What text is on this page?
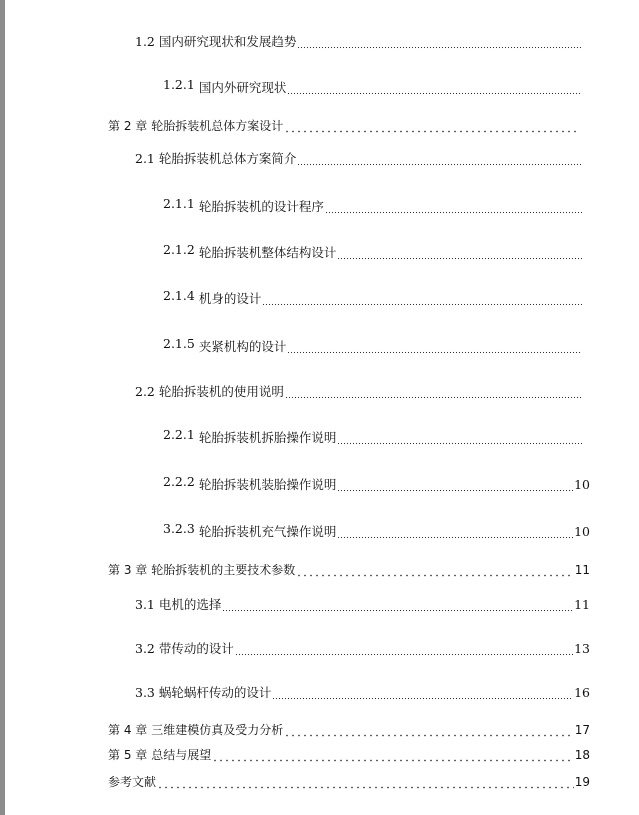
1.2 国内研究现状和发展趋势
1.2.1 国内外研究现状
第 2 章 轮胎拆装机总体方案设计
2.1 轮胎拆装机总体方案简介
2.1.1 轮胎拆装机的设计程序
2.1.2 轮胎拆装机整体结构设计
2.1.4 机身的设计
2.1.5 夹紧机构的设计
2.2 轮胎拆装机的使用说明
2.2.1 轮胎拆装机拆胎操作说明
2.2.2 轮胎拆装机装胎操作说明	10
3.2.3 轮胎拆装机充气操作说明	10
第 3 章 轮胎拆装机的主要技术参数	11
3.1 电机的选择	11
3.2 带传动的设计	13
3.3 蜗轮蜗杆传动的设计	16
第 4 章 三维建模仿真及受力分析	17
第 5 章 总结与展望	18
参考文献	19
